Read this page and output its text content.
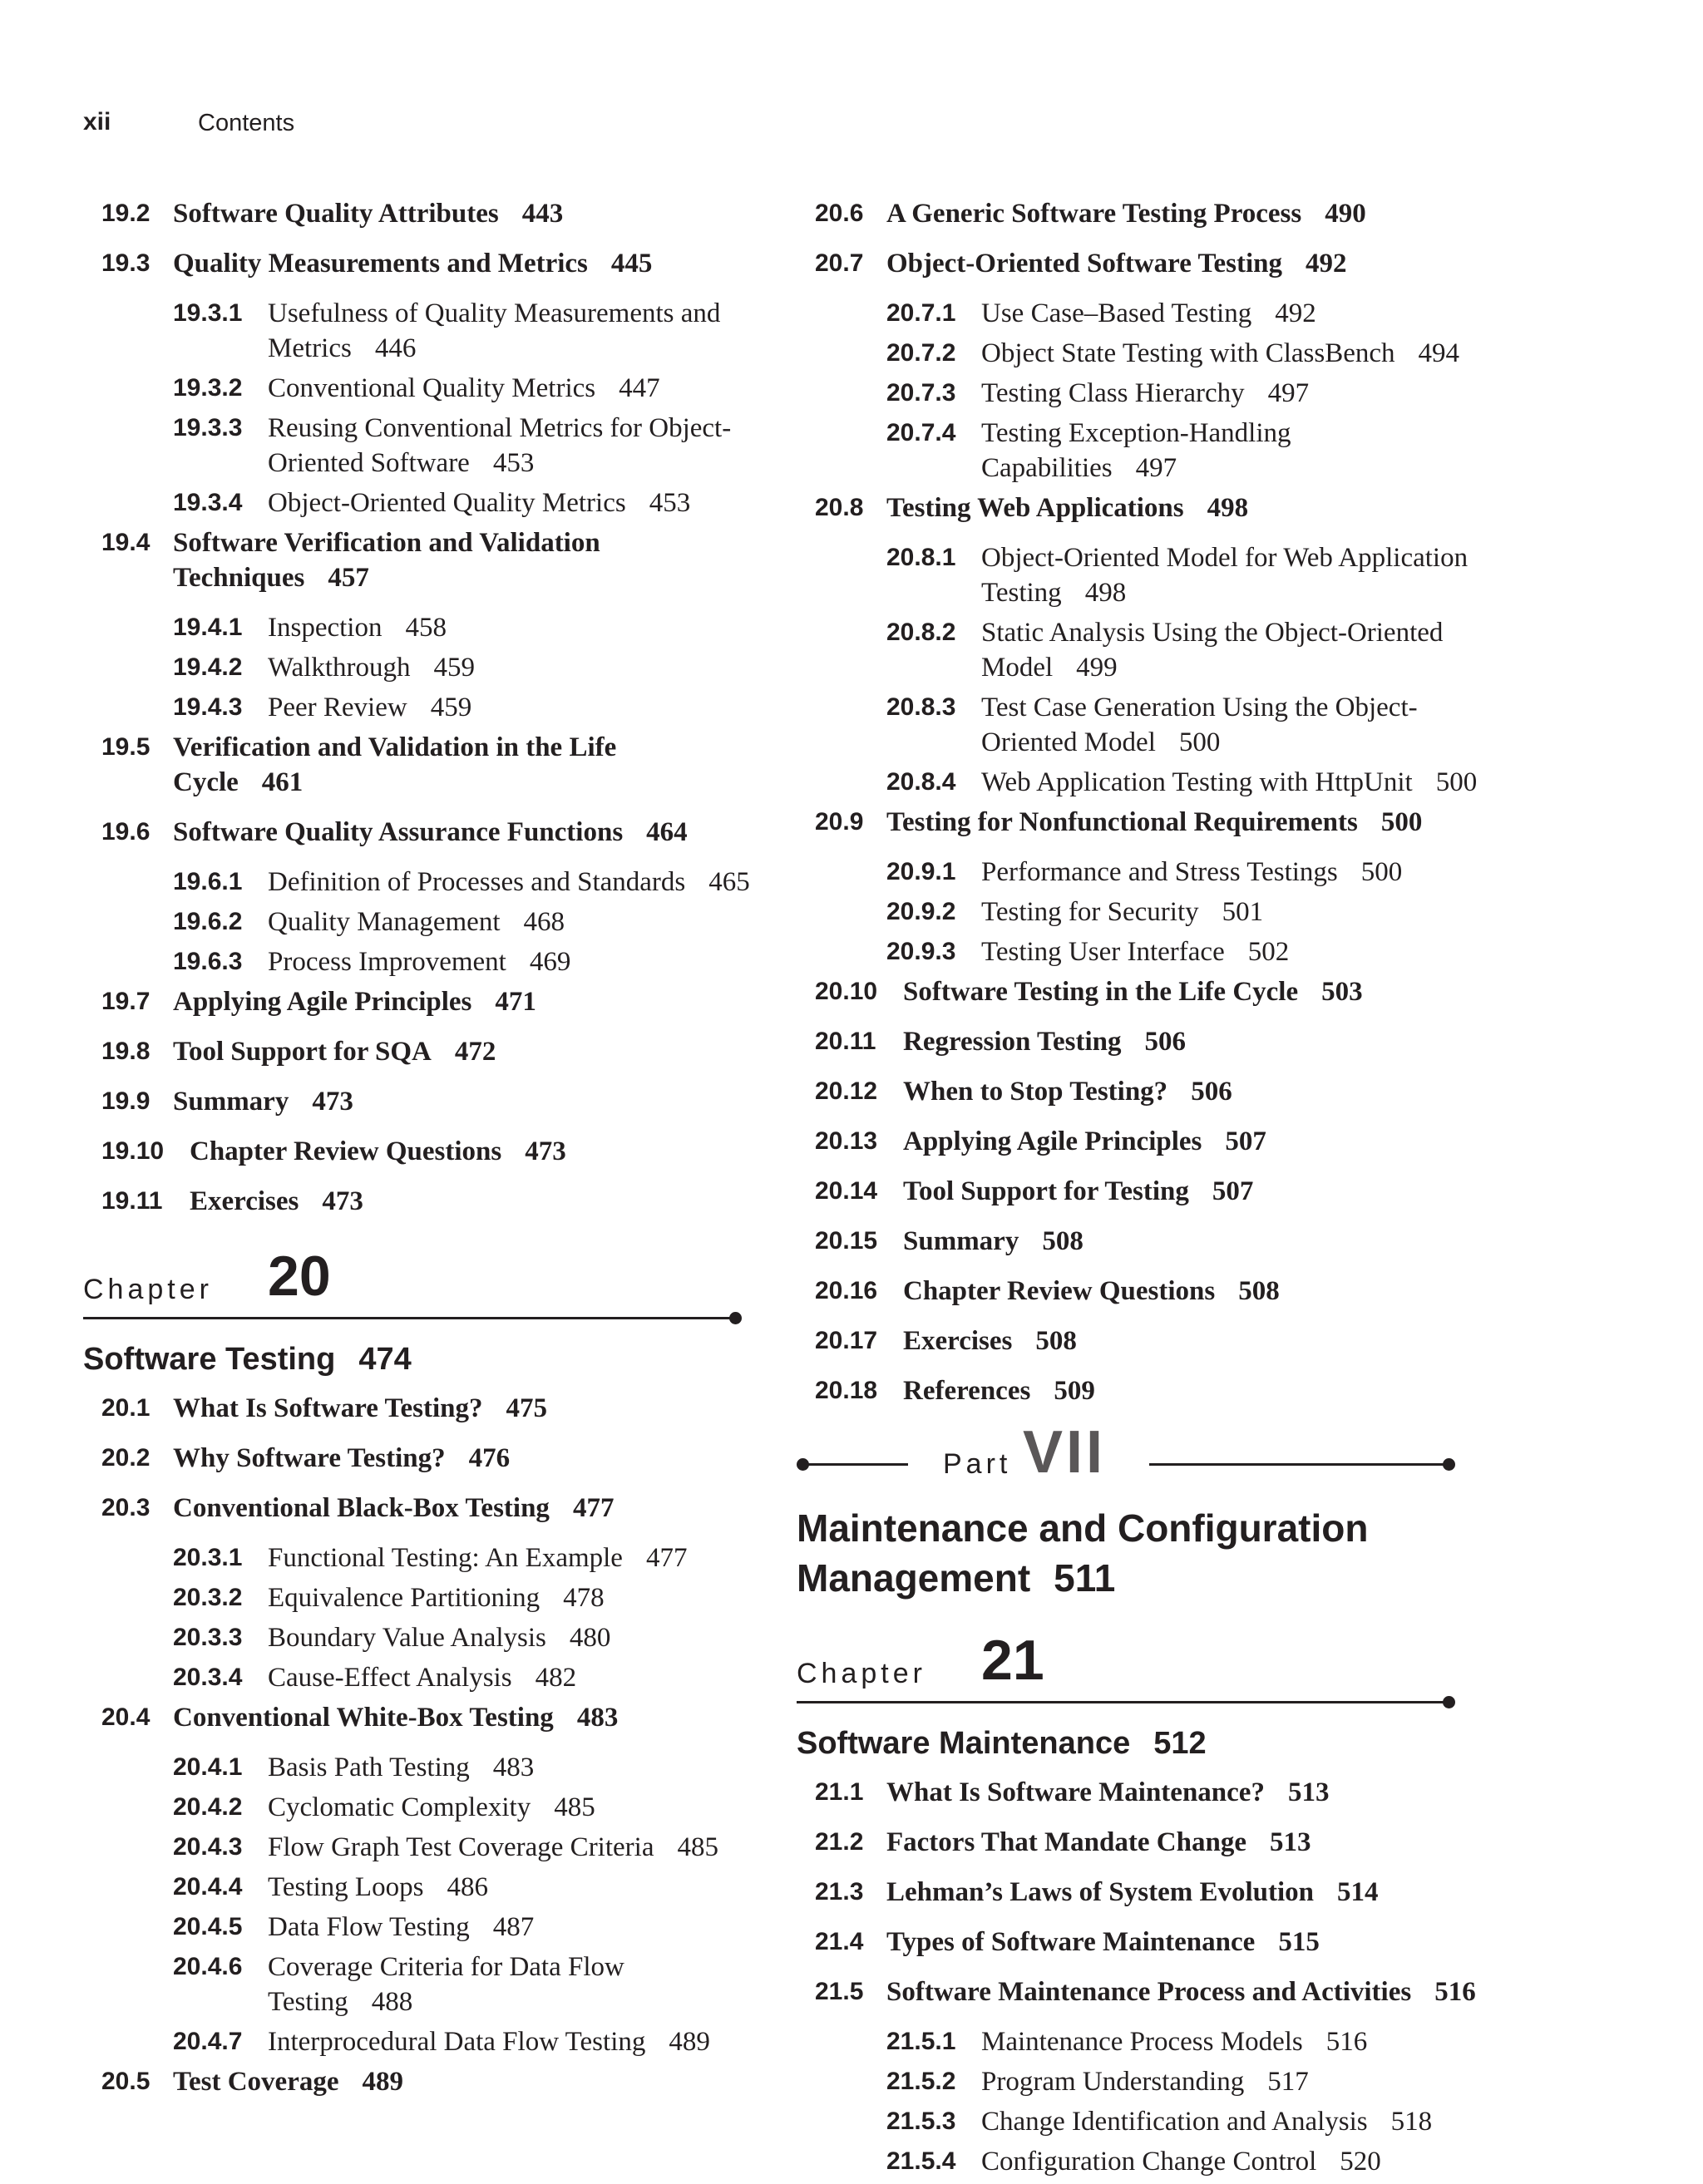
xii	Contents
19.2 Software Quality Attributes 443
19.3 Quality Measurements and Metrics 445
19.3.1 Usefulness of Quality Measurements and Metrics 446
19.3.2 Conventional Quality Metrics 447
19.3.3 Reusing Conventional Metrics for Object-Oriented Software 453
19.3.4 Object-Oriented Quality Metrics 453
19.4 Software Verification and Validation Techniques 457
19.4.1 Inspection 458
19.4.2 Walkthrough 459
19.4.3 Peer Review 459
19.5 Verification and Validation in the Life Cycle 461
19.6 Software Quality Assurance Functions 464
19.6.1 Definition of Processes and Standards 465
19.6.2 Quality Management 468
19.6.3 Process Improvement 469
19.7 Applying Agile Principles 471
19.8 Tool Support for SQA 472
19.9 Summary 473
19.10 Chapter Review Questions 473
19.11 Exercises 473
Chapter 20
Software Testing 474
20.1 What Is Software Testing? 475
20.2 Why Software Testing? 476
20.3 Conventional Black-Box Testing 477
20.3.1 Functional Testing: An Example 477
20.3.2 Equivalence Partitioning 478
20.3.3 Boundary Value Analysis 480
20.3.4 Cause-Effect Analysis 482
20.4 Conventional White-Box Testing 483
20.4.1 Basis Path Testing 483
20.4.2 Cyclomatic Complexity 485
20.4.3 Flow Graph Test Coverage Criteria 485
20.4.4 Testing Loops 486
20.4.5 Data Flow Testing 487
20.4.6 Coverage Criteria for Data Flow Testing 488
20.4.7 Interprocedural Data Flow Testing 489
20.5 Test Coverage 489
20.6 A Generic Software Testing Process 490
20.7 Object-Oriented Software Testing 492
20.7.1 Use Case–Based Testing 492
20.7.2 Object State Testing with ClassBench 494
20.7.3 Testing Class Hierarchy 497
20.7.4 Testing Exception-Handling Capabilities 497
20.8 Testing Web Applications 498
20.8.1 Object-Oriented Model for Web Application Testing 498
20.8.2 Static Analysis Using the Object-Oriented Model 499
20.8.3 Test Case Generation Using the Object-Oriented Model 500
20.8.4 Web Application Testing with HttpUnit 500
20.9 Testing for Nonfunctional Requirements 500
20.9.1 Performance and Stress Testings 500
20.9.2 Testing for Security 501
20.9.3 Testing User Interface 502
20.10 Software Testing in the Life Cycle 503
20.11 Regression Testing 506
20.12 When to Stop Testing? 506
20.13 Applying Agile Principles 507
20.14 Tool Support for Testing 507
20.15 Summary 508
20.16 Chapter Review Questions 508
20.17 Exercises 508
20.18 References 509
Part VII
Maintenance and Configuration Management 511
Chapter 21
Software Maintenance 512
21.1 What Is Software Maintenance? 513
21.2 Factors That Mandate Change 513
21.3 Lehman’s Laws of System Evolution 514
21.4 Types of Software Maintenance 515
21.5 Software Maintenance Process and Activities 516
21.5.1 Maintenance Process Models 516
21.5.2 Program Understanding 517
21.5.3 Change Identification and Analysis 518
21.5.4 Configuration Change Control 520
